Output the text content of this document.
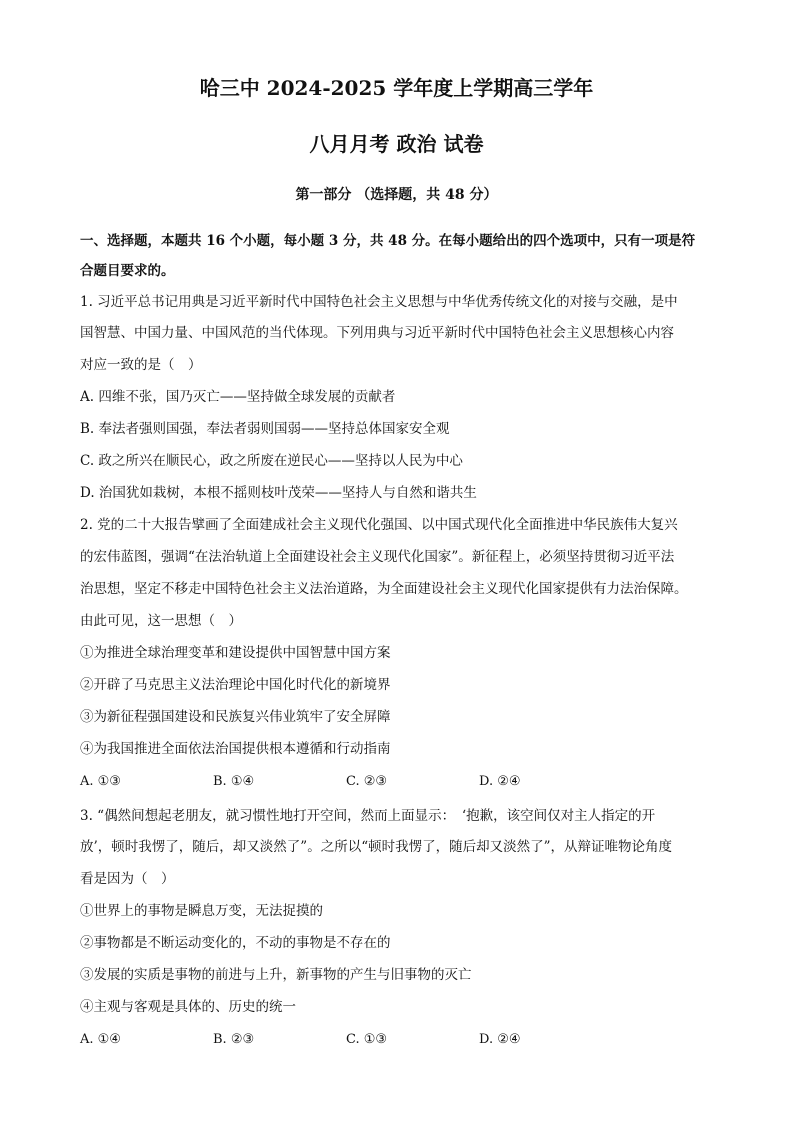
哈三中 2024-2025 学年度上学期高三学年
八月月考 政治 试卷
第一部分 （选择题，共 48 分）
一、选择题，本题共 16 个小题，每小题 3 分，共 48 分。在每小题给出的四个选项中，只有一项是符
合题目要求的。
1. 习近平总书记用典是习近平新时代中国特色社会主义思想与中华优秀传统文化的对接与交融，是中
国智慧、中国力量、中国风范的当代体现。下列用典与习近平新时代中国特色社会主义思想核心内容
对应一致的是（　）
A. 四维不张，国乃灭亡——坚持做全球发展的贡献者
B. 奉法者强则国强，奉法者弱则国弱——坚持总体国家安全观
C. 政之所兴在顺民心，政之所废在逆民心——坚持以人民为中心
D. 治国犹如栽树，本根不摇则枝叶茂荣——坚持人与自然和谐共生
2. 党的二十大报告擘画了全面建成社会主义现代化强国、以中国式现代化全面推进中华民族伟大复兴
的宏伟蓝图，强调“在法治轨道上全面建设社会主义现代化国家”。新征程上，必须坚持贯彻习近平法
治思想，坚定不移走中国特色社会主义法治道路，为全面建设社会主义现代化国家提供有力法治保障。
由此可见，这一思想（　）
①为推进全球治理变革和建设提供中国智慧中国方案
②开辟了马克思主义法治理论中国化时代化的新境界
③为新征程强国建设和民族复兴伟业筑牢了安全屏障
④为我国推进全面依法治国提供根本遵循和行动指南
A. ①③	B. ①④	C. ②③	D. ②④
3. “偶然间想起老朋友，就习惯性地打开空间，然而上面显示：　‘抱歉，该空间仅对主人指定的开
放’，顿时我愣了，随后，却又淡然了”。之所以“顿时我愣了，随后却又淡然了”，从辩证唯物论角度
看是因为（　）
①世界上的事物是瞬息万变，无法捉摸的
②事物都是不断运动变化的，不动的事物是不存在的
③发展的实质是事物的前进与上升，新事物的产生与旧事物的灭亡
④主观与客观是具体的、历史的统一
A. ①④	B. ②③	C. ①③	D. ②④
